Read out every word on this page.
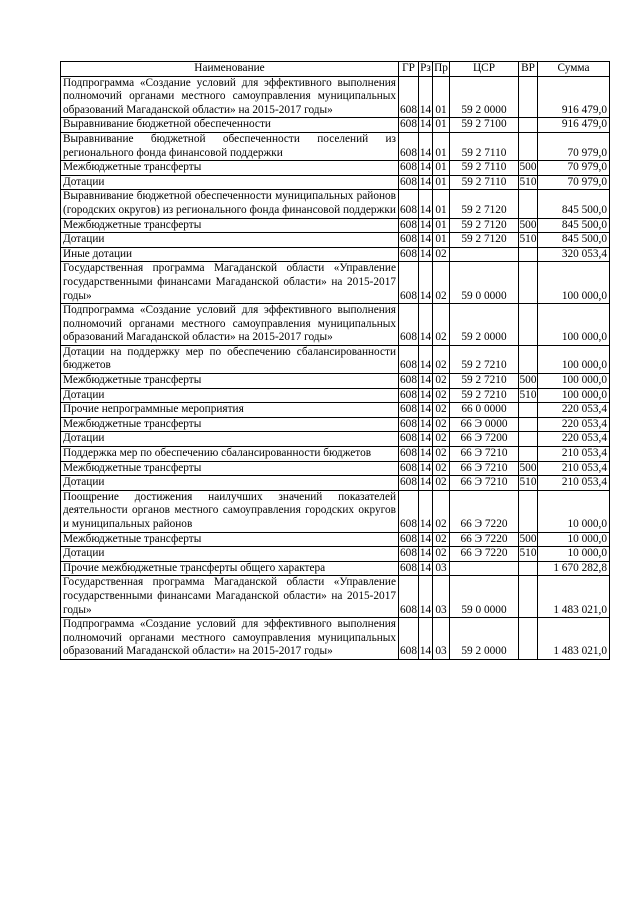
Наименование	ГР	Рз	Пр	ЦСР	ВР	Сумма
Подпрограмма «Создание условий для эффективного выполнения полномочий органами местного самоуправления муниципальных образований Магаданской области» на 2015-2017 годы»	608	14	01	59 2 0000		916 479,0
Выравнивание бюджетной обеспеченности	608	14	01	59 2 7100		916 479,0
Выравнивание бюджетной обеспеченности поселений из регионального фонда финансовой поддержки	608	14	01	59 2 7110		70 979,0
Межбюджетные трансферты	608	14	01	59 2 7110	500	70 979,0
Дотации	608	14	01	59 2 7110	510	70 979,0
Выравнивание бюджетной обеспеченности муниципальных районов (городских округов) из регионального фонда финансовой поддержки	608	14	01	59 2 7120		845 500,0
Межбюджетные трансферты	608	14	01	59 2 7120	500	845 500,0
Дотации	608	14	01	59 2 7120	510	845 500,0
Иные дотации	608	14	02			320 053,4
Государственная программа Магаданской области «Управление государственными финансами Магаданской области» на 2015-2017 годы»	608	14	02	59 0 0000		100 000,0
Подпрограмма «Создание условий для эффективного выполнения полномочий органами местного самоуправления муниципальных образований Магаданской области» на 2015-2017 годы»	608	14	02	59 2 0000		100 000,0
Дотации на поддержку мер по обеспечению сбалансированности бюджетов	608	14	02	59 2 7210		100 000,0
Межбюджетные трансферты	608	14	02	59 2 7210	500	100 000,0
Дотации	608	14	02	59 2 7210	510	100 000,0
Прочие непрограммные мероприятия	608	14	02	66 0 0000		220 053,4
Межбюджетные трансферты	608	14	02	66 Э 0000		220 053,4
Дотации	608	14	02	66 Э 7200		220 053,4
Поддержка мер по обеспечению сбалансированности бюджетов	608	14	02	66 Э 7210		210 053,4
Межбюджетные трансферты	608	14	02	66 Э 7210	500	210 053,4
Дотации	608	14	02	66 Э 7210	510	210 053,4
Поощрение достижения наилучших значений показателей деятельности органов местного самоуправления городских округов и муниципальных районов	608	14	02	66 Э 7220		10 000,0
Межбюджетные трансферты	608	14	02	66 Э 7220	500	10 000,0
Дотации	608	14	02	66 Э 7220	510	10 000,0
Прочие межбюджетные трансферты общего характера	608	14	03			1 670 282,8
Государственная программа Магаданской области «Управление государственными финансами Магаданской области» на 2015-2017 годы»	608	14	03	59 0 0000		1 483 021,0
Подпрограмма «Создание условий для эффективного выполнения полномочий органами местного самоуправления муниципальных образований Магаданской области» на 2015-2017 годы»	608	14	03	59 2 0000		1 483 021,0
